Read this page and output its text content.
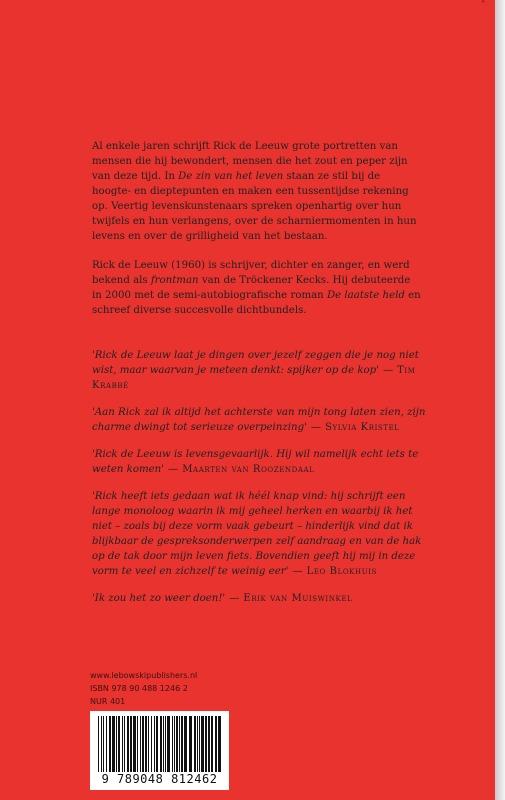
˄

Al enkele jaren schrijft Rick de Leeuw grote portretten van mensen die hij bewondert, mensen die het zout en peper zijn van deze tijd. In De zin van het leven staan ze stil bij de hoogte- en dieptepunten en maken een tussentijdse rekening op. Veertig levenskunstenaars spreken openhartig over hun twijfels en hun verlangens, over de scharniermomenten in hun levens en over de grilligheid van het bestaan.

Rick de Leeuw (1960) is schrijver, dichter en zanger, en werd bekend als frontman van de Tröckener Kecks. Hij debuteerde in 2000 met de semi-autobiografische roman De laatste held en schreef diverse succesvolle dichtbundels.

'Rick de Leeuw laat je dingen over jezelf zeggen die je nog niet wist, maar waarvan je meteen denkt: spijker op de kop' — Tim Krabbé

'Aan Rick zal ik altijd het achterste van mijn tong laten zien, zijn charme dwingt tot serieuze overpeinzing' — Sylvia Kristel

'Rick de Leeuw is levensgevaarlijk. Hij wil namelijk echt iets te weten komen' — Maarten van Roozendaal

'Rick heeft iets gedaan wat ik héél knap vind: hij schrijft een lange monoloog waarin ik mij geheel herken en waarbij ik het niet – zoals bij deze vorm vaak gebeurt – hinderlijk vind dat ik blijkbaar de gespreksonderwerpen zelf aandraag en van de hak op de tak door mijn leven fiets. Bovendien geeft hij mij in deze vorm te veel en zichzelf te weinig eer' — Leo Blokhuis

'Ik zou het zo weer doen!' — Erik van Muiswinkel

www.lebowskipublishers.nl
ISBN 978 90 488 1246 2
NUR 401
9 789048 812462
